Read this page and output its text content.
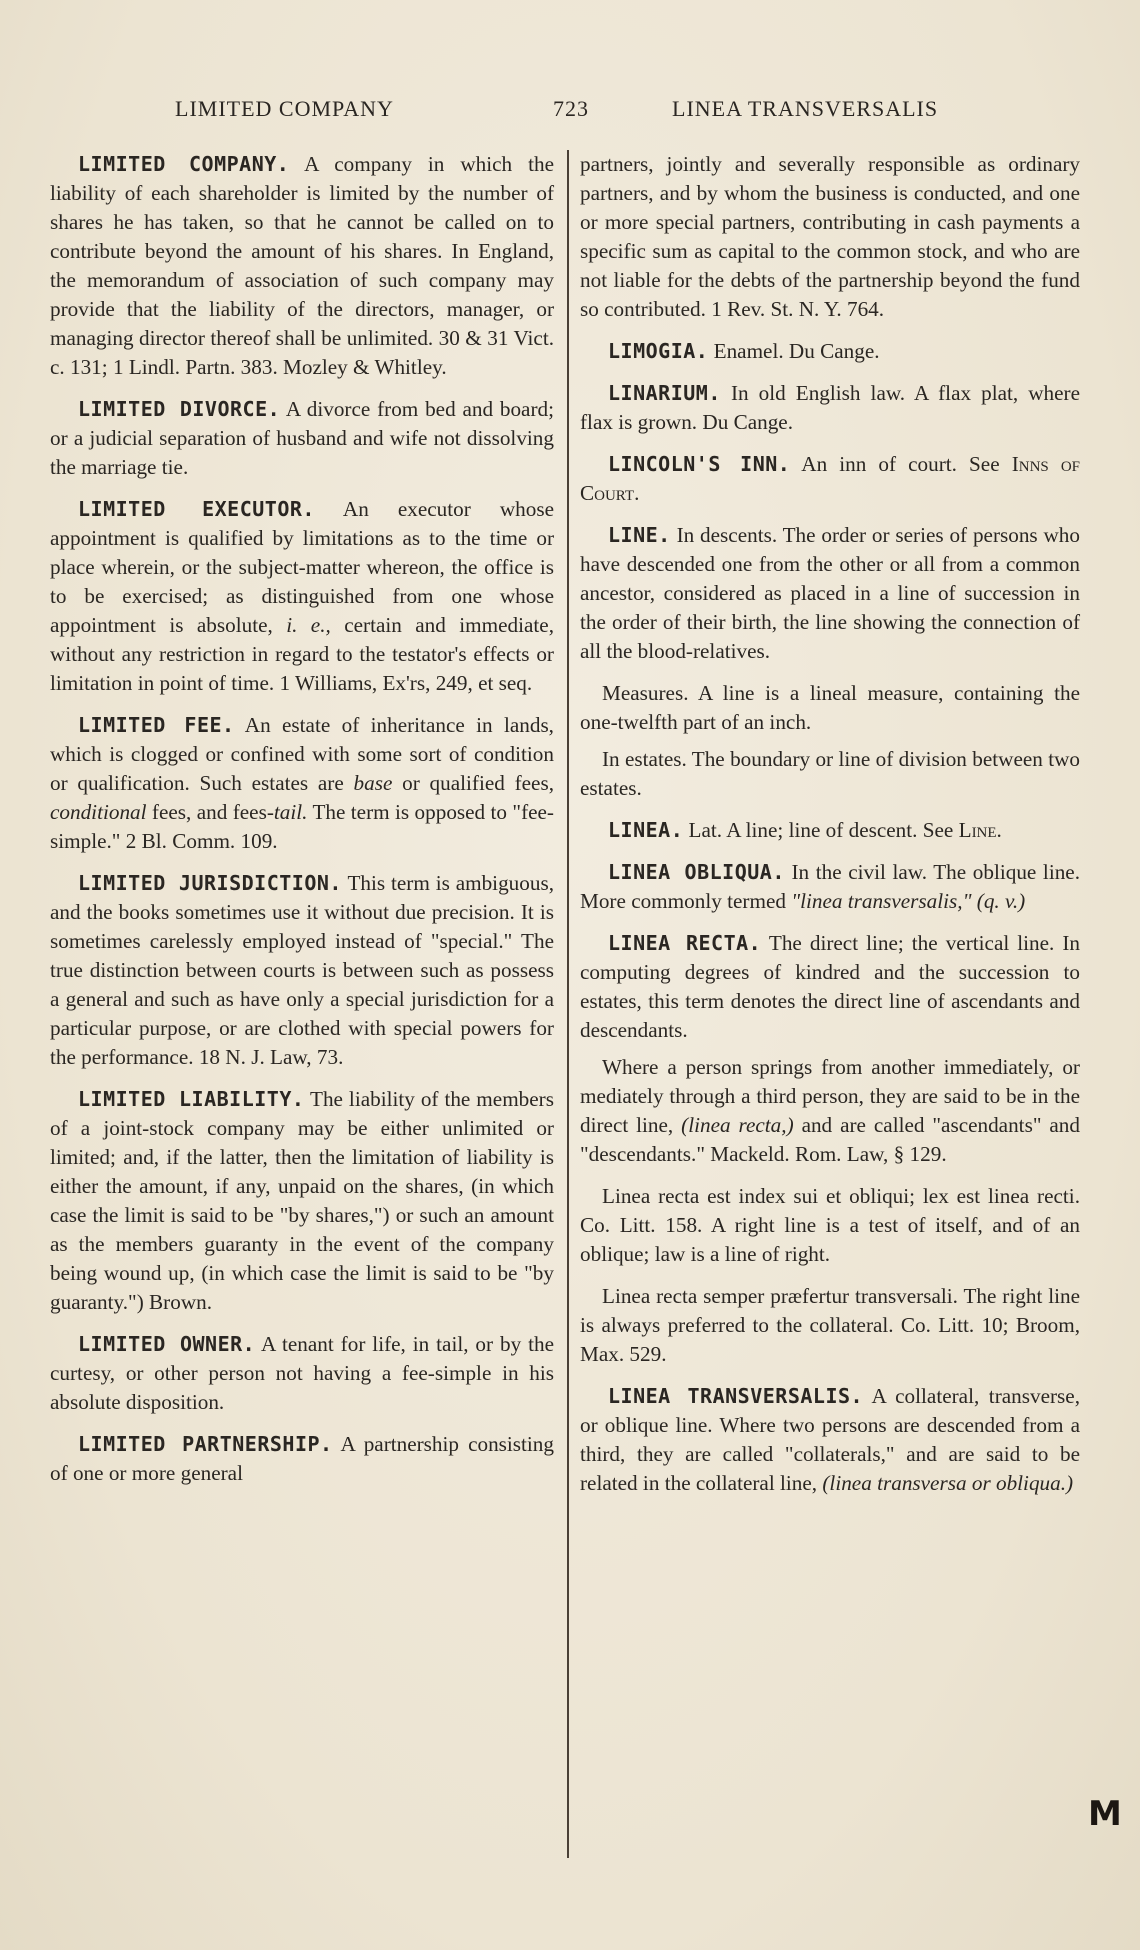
LIMITED COMPANY	723	LINEA TRANSVERSALIS

LIMITED COMPANY. A company in which the liability of each shareholder is limited by the number of shares he has taken, so that he cannot be called on to contribute beyond the amount of his shares. In England, the memorandum of association of such company may provide that the liability of the directors, manager, or managing director thereof shall be unlimited. 30 & 31 Vict. c. 131; 1 Lindl. Partn. 383. Mozley & Whitley.

LIMITED DIVORCE. A divorce from bed and board; or a judicial separation of husband and wife not dissolving the marriage tie.

LIMITED EXECUTOR. An executor whose appointment is qualified by limitations as to the time or place wherein, or the subject-matter whereon, the office is to be exercised; as distinguished from one whose appointment is absolute, i. e., certain and immediate, without any restriction in regard to the testator's effects or limitation in point of time. 1 Williams, Ex'rs, 249, et seq.

LIMITED FEE. An estate of inheritance in lands, which is clogged or confined with some sort of condition or qualification. Such estates are base or qualified fees, conditional fees, and fees-tail. The term is opposed to "fee-simple." 2 Bl. Comm. 109.

LIMITED JURISDICTION. This term is ambiguous, and the books sometimes use it without due precision. It is sometimes carelessly employed instead of "special." The true distinction between courts is between such as possess a general and such as have only a special jurisdiction for a particular purpose, or are clothed with special powers for the performance. 18 N. J. Law, 73.

LIMITED LIABILITY. The liability of the members of a joint-stock company may be either unlimited or limited; and, if the latter, then the limitation of liability is either the amount, if any, unpaid on the shares, (in which case the limit is said to be "by shares,") or such an amount as the members guaranty in the event of the company being wound up, (in which case the limit is said to be "by guaranty.") Brown.

LIMITED OWNER. A tenant for life, in tail, or by the curtesy, or other person not having a fee-simple in his absolute disposition.

LIMITED PARTNERSHIP. A partnership consisting of one or more general

partners, jointly and severally responsible as ordinary partners, and by whom the business is conducted, and one or more special partners, contributing in cash payments a specific sum as capital to the common stock, and who are not liable for the debts of the partnership beyond the fund so contributed. 1 Rev. St. N. Y. 764.

LIMOGIA. Enamel. Du Cange.

LINARIUM. In old English law. A flax plat, where flax is grown. Du Cange.

LINCOLN'S INN. An inn of court. See Inns of Court.

LINE. In descents. The order or series of persons who have descended one from the other or all from a common ancestor, considered as placed in a line of succession in the order of their birth, the line showing the connection of all the blood-relatives.

Measures. A line is a lineal measure, containing the one-twelfth part of an inch.

In estates. The boundary or line of division between two estates.

LINEA. Lat. A line; line of descent. See Line.

LINEA OBLIQUA. In the civil law. The oblique line. More commonly termed "linea transversalis," (q. v.)

LINEA RECTA. The direct line; the vertical line. In computing degrees of kindred and the succession to estates, this term denotes the direct line of ascendants and descendants.

Where a person springs from another immediately, or mediately through a third person, they are said to be in the direct line, (linea recta,) and are called "ascendants" and "descendants." Mackeld. Rom. Law, § 129.

Linea recta est index sui et obliqui; lex est linea recti. Co. Litt. 158. A right line is a test of itself, and of an oblique; law is a line of right.

Linea recta semper præfertur transversali. The right line is always preferred to the collateral. Co. Litt. 10; Broom, Max. 529.

LINEA TRANSVERSALIS. A collateral, transverse, or oblique line. Where two persons are descended from a third, they are called "collaterals," and are said to be related in the collateral line, (linea transversa or obliqua.)

M
